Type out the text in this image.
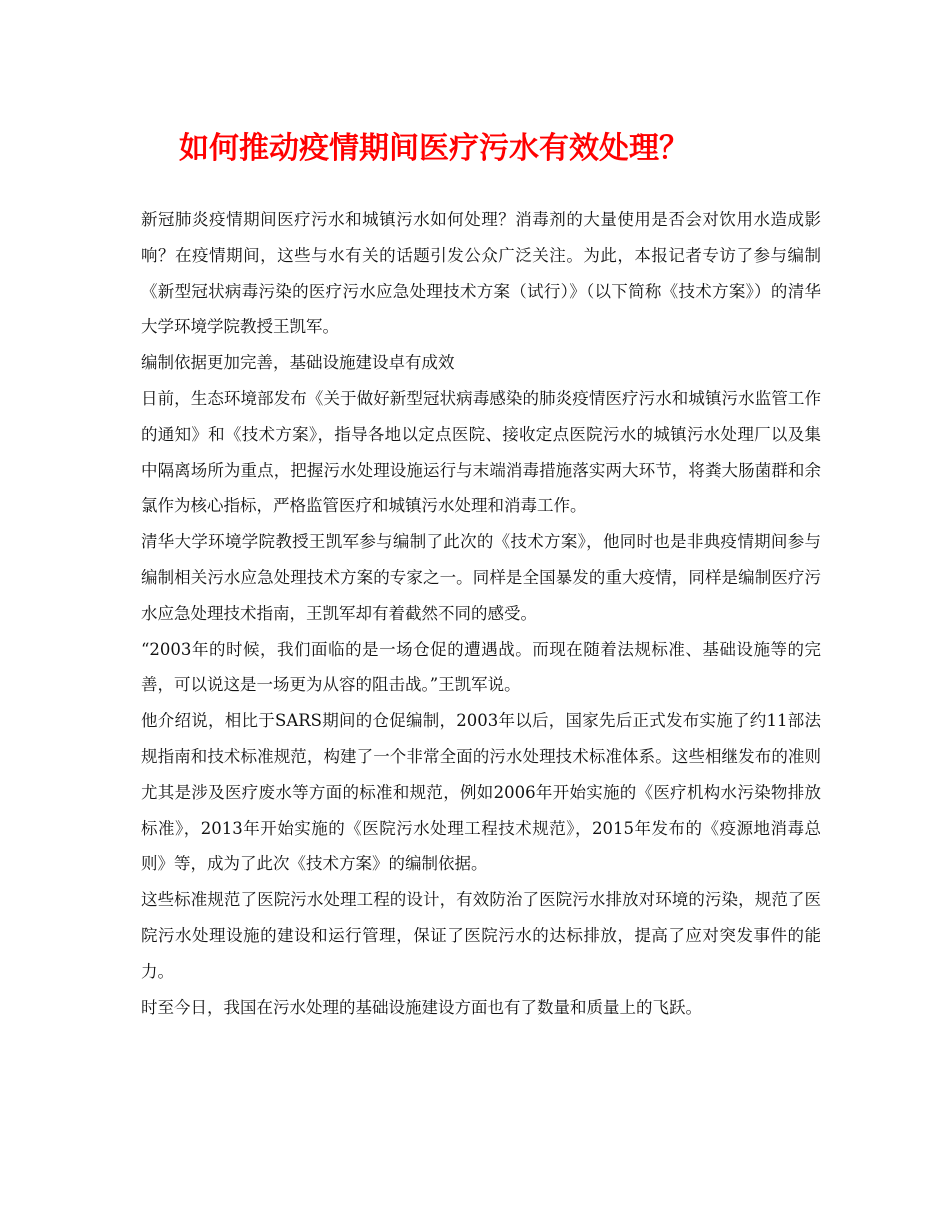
如何推动疫情期间医疗污水有效处理？

新冠肺炎疫情期间医疗污水和城镇污水如何处理？消毒剂的大量使用是否会对饮用水造成影响？在疫情期间，这些与水有关的话题引发公众广泛关注。为此，本报记者专访了参与编制《新型冠状病毒污染的医疗污水应急处理技术方案（试行）》（以下简称《技术方案》）的清华大学环境学院教授王凯军。

编制依据更加完善，基础设施建设卓有成效

日前，生态环境部发布《关于做好新型冠状病毒感染的肺炎疫情医疗污水和城镇污水监管工作的通知》和《技术方案》，指导各地以定点医院、接收定点医院污水的城镇污水处理厂以及集中隔离场所为重点，把握污水处理设施运行与末端消毒措施落实两大环节，将粪大肠菌群和余氯作为核心指标，严格监管医疗和城镇污水处理和消毒工作。

清华大学环境学院教授王凯军参与编制了此次的《技术方案》，他同时也是非典疫情期间参与编制相关污水应急处理技术方案的专家之一。同样是全国暴发的重大疫情，同样是编制医疗污水应急处理技术指南，王凯军却有着截然不同的感受。

“2003年的时候，我们面临的是一场仓促的遭遇战。而现在随着法规标准、基础设施等的完善，可以说这是一场更为从容的阻击战。”王凯军说。

他介绍说，相比于SARS期间的仓促编制，2003年以后，国家先后正式发布实施了约11部法规指南和技术标准规范，构建了一个非常全面的污水处理技术标准体系。这些相继发布的准则尤其是涉及医疗废水等方面的标准和规范，例如2006年开始实施的《医疗机构水污染物排放标准》，2013年开始实施的《医院污水处理工程技术规范》，2015年发布的《疫源地消毒总则》等，成为了此次《技术方案》的编制依据。

这些标准规范了医院污水处理工程的设计，有效防治了医院污水排放对环境的污染，规范了医院污水处理设施的建设和运行管理，保证了医院污水的达标排放，提高了应对突发事件的能力。

时至今日，我国在污水处理的基础设施建设方面也有了数量和质量上的飞跃。
